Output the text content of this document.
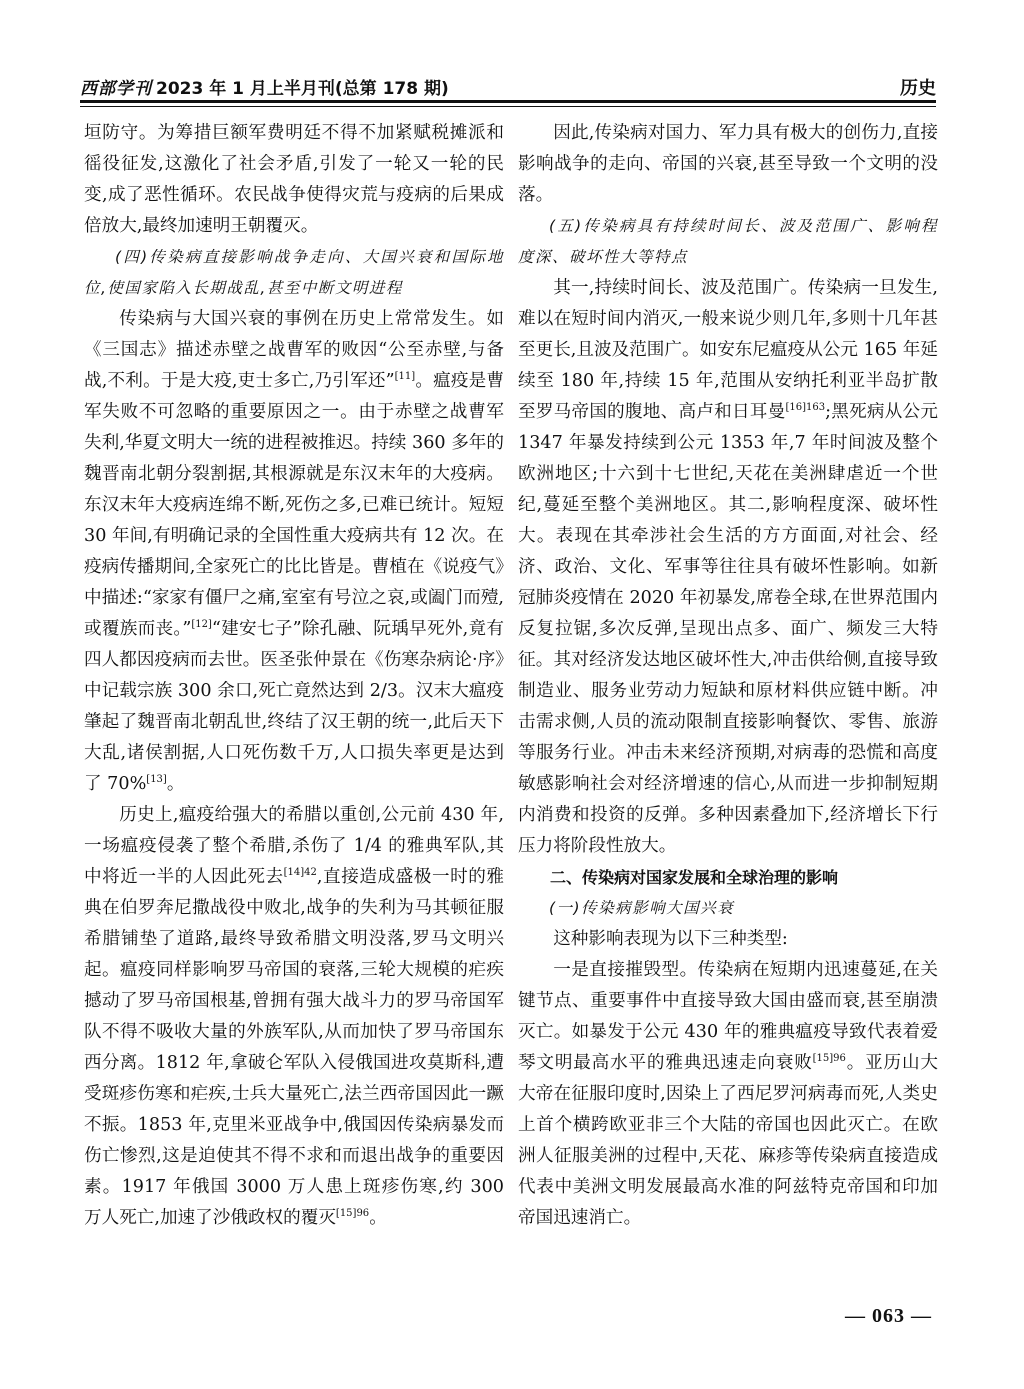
西部学刊 2023 年 1 月上半月刊(总第 178 期)	历史

垣防守。为筹措巨额军费明廷不得不加紧赋税摊派和徭役征发,这激化了社会矛盾,引发了一轮又一轮的民变,成了恶性循环。农民战争使得灾荒与疫病的后果成倍放大,最终加速明王朝覆灭。

(四)传染病直接影响战争走向、大国兴衰和国际地位,使国家陷入长期战乱,甚至中断文明进程

传染病与大国兴衰的事例在历史上常常发生。如《三国志》描述赤壁之战曹军的败因“公至赤壁,与备战,不利。于是大疫,吏士多亡,乃引军还”[11]。瘟疫是曹军失败不可忽略的重要原因之一。由于赤壁之战曹军失利,华夏文明大一统的进程被推迟。持续 360 多年的魏晋南北朝分裂割据,其根源就是东汉末年的大疫病。东汉末年大疫病连绵不断,死伤之多,已难已统计。短短 30 年间,有明确记录的全国性重大疫病共有 12 次。在疫病传播期间,全家死亡的比比皆是。曹植在《说疫气》中描述:“家家有僵尸之痛,室室有号泣之哀,或阖门而殪,或覆族而丧。”[12]“建安七子”除孔融、阮瑀早死外,竟有四人都因疫病而去世。医圣张仲景在《伤寒杂病论·序》中记载宗族 300 余口,死亡竟然达到 2/3。汉末大瘟疫肇起了魏晋南北朝乱世,终结了汉王朝的统一,此后天下大乱,诸侯割据,人口死伤数千万,人口损失率更是达到了 70%[13]。

历史上,瘟疫给强大的希腊以重创,公元前 430 年,一场瘟疫侵袭了整个希腊,杀伤了 1/4 的雅典军队,其中将近一半的人因此死去$^{[14]42}$,直接造成盛极一时的雅典在伯罗奔尼撒战役中败北,战争的失利为马其顿征服希腊铺垫了道路,最终导致希腊文明没落,罗马文明兴起。瘟疫同样影响罗马帝国的衰落,三轮大规模的疟疾撼动了罗马帝国根基,曾拥有强大战斗力的罗马帝国军队不得不吸收大量的外族军队,从而加快了罗马帝国东西分离。1812 年,拿破仑军队入侵俄国进攻莫斯科,遭受斑疹伤寒和疟疾,士兵大量死亡,法兰西帝国因此一蹶不振。1853 年,克里米亚战争中,俄国因传染病暴发而伤亡惨烈,这是迫使其不得不求和而退出战争的重要因素。1917 年俄国 3000 万人患上斑疹伤寒,约 300 万人死亡,加速了沙俄政权的覆灭$^{[15]96}$。

因此,传染病对国力、军力具有极大的创伤力,直接影响战争的走向、帝国的兴衰,甚至导致一个文明的没落。

(五)传染病具有持续时间长、波及范围广、影响程度深、破坏性大等特点

其一,持续时间长、波及范围广。传染病一旦发生,难以在短时间内消灭,一般来说少则几年,多则十几年甚至更长,且波及范围广。如安东尼瘟疫从公元 165 年延续至 180 年,持续 15 年,范围从安纳托利亚半岛扩散至罗马帝国的腹地、高卢和日耳曼$^{[16]163}$;黑死病从公元 1347 年暴发持续到公元 1353 年,7 年时间波及整个欧洲地区;十六到十七世纪,天花在美洲肆虐近一个世纪,蔓延至整个美洲地区。其二,影响程度深、破坏性大。表现在其牵涉社会生活的方方面面,对社会、经济、政治、文化、军事等往往具有破坏性影响。如新冠肺炎疫情在 2020 年初暴发,席卷全球,在世界范围内反复拉锯,多次反弹,呈现出点多、面广、频发三大特征。其对经济发达地区破坏性大,冲击供给侧,直接导致制造业、服务业劳动力短缺和原材料供应链中断。冲击需求侧,人员的流动限制直接影响餐饮、零售、旅游等服务行业。冲击未来经济预期,对病毒的恐慌和高度敏感影响社会对经济增速的信心,从而进一步抑制短期内消费和投资的反弹。多种因素叠加下,经济增长下行压力将阶段性放大。

二、传染病对国家发展和全球治理的影响

(一)传染病影响大国兴衰

这种影响表现为以下三种类型:

一是直接摧毁型。传染病在短期内迅速蔓延,在关键节点、重要事件中直接导致大国由盛而衰,甚至崩溃灭亡。如暴发于公元 430 年的雅典瘟疫导致代表着爱琴文明最高水平的雅典迅速走向衰败$^{[15]96}$。亚历山大大帝在征服印度时,因染上了西尼罗河病毒而死,人类史上首个横跨欧亚非三个大陆的帝国也因此灭亡。在欧洲人征服美洲的过程中,天花、麻疹等传染病直接造成代表中美洲文明发展最高水准的阿兹特克帝国和印加帝国迅速消亡。

— 063 —
